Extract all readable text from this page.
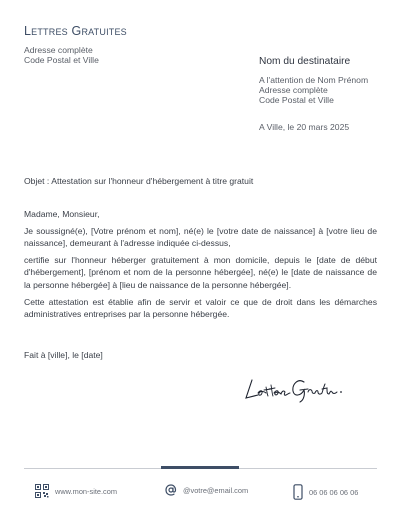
Lettres Gratuites
Adresse complète
Code Postal et Ville	Nom du destinataire
A l'attention de Nom Prénom
Adresse complète
Code Postal et Ville
A Ville, le 20 mars 2025
Objet : Attestation sur l'honneur d'hébergement à titre gratuit

Madame, Monsieur,

Je soussigné(e), [Votre prénom et nom], né(e) le [votre date de naissance] à [votre lieu de naissance], demeurant à l'adresse indiquée ci-dessus,

certifie sur l'honneur héberger gratuitement à mon domicile, depuis le [date de début d'hébergement], [prénom et nom de la personne hébergée], né(e) le [date de naissance de la personne hébergée] à [lieu de naissance de la personne hébergée].

Cette attestation est établie afin de servir et valoir ce que de droit dans les démarches administratives entreprises par la personne hébergée.

Fait à [ville], le [date]
www.mon-site.com	@votre@email.com	06 06 06 06 06
